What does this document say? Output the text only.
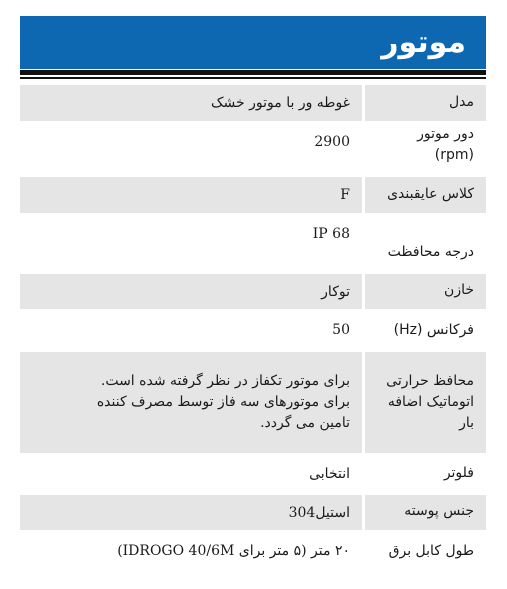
موتور
مدل	غوطه ور با موتور خشک

دور موتور (rpm)	2900

کلاس عایقبندی	F

درجه محافظت	IP 68

خازن	توکار

فرکانس (Hz)	50

محافظ حرارتی
اتوماتیک اضافه بار	برای موتور تکفاز در نظر گرفته شده است.
برای موتورهای سه فاز توسط مصرف کننده
تامین می گردد.

فلوتر	انتخابی

جنس پوسته	استیل304

طول کابل برق	۲۰ متر (۵ متر برای IDROGO 40/6M)
